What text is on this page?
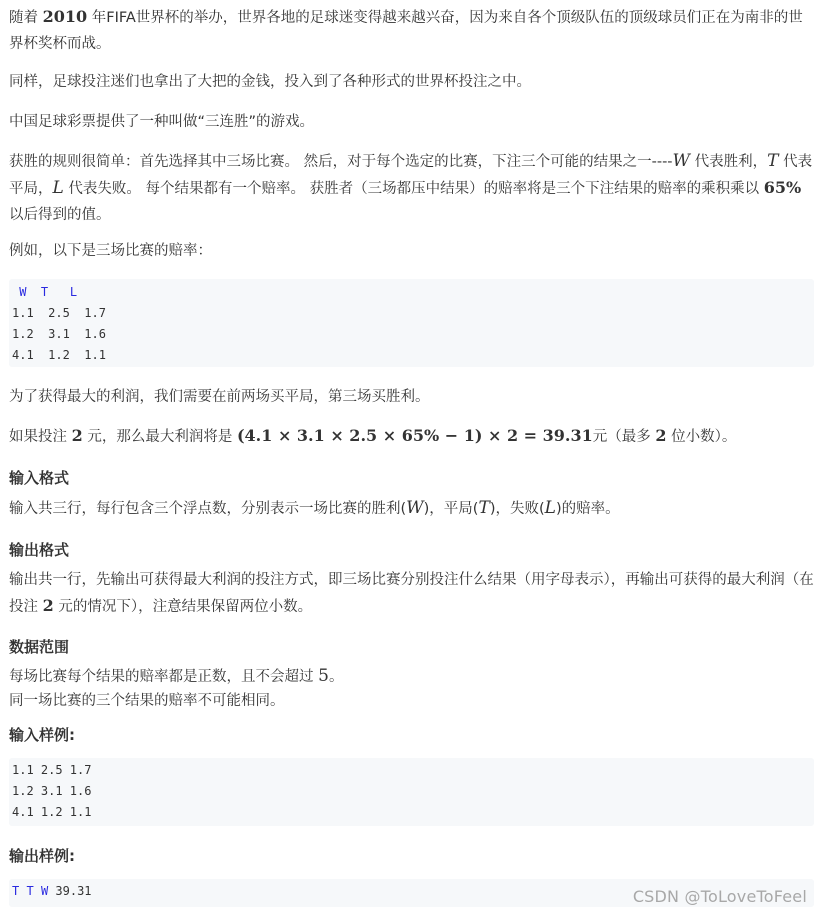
随着 2010 年FIFA世界杯的举办，世界各地的足球迷变得越来越兴奋，因为来自各个顶级队伍的顶级球员们正在为南非的世界杯奖杯而战。

同样，足球投注迷们也拿出了大把的金钱，投入到了各种形式的世界杯投注之中。

中国足球彩票提供了一种叫做“三连胜”的游戏。

获胜的规则很简单：首先选择其中三场比赛。 然后，对于每个选定的比赛，下注三个可能的结果之一----W 代表胜利，T 代表平局，L 代表失败。 每个结果都有一个赔率。 获胜者（三场都压中结果）的赔率将是三个下注结果的赔率的乘积乘以 65% 以后得到的值。

例如，以下是三场比赛的赔率：

W  T   L
1.1  2.5  1.7
1.2  3.1  1.6
4.1  1.2  1.1

为了获得最大的利润，我们需要在前两场买平局，第三场买胜利。

如果投注 2 元，那么最大利润将是 (4.1 × 3.1 × 2.5 × 65% − 1) × 2 = 39.31元（最多 2 位小数）。

输入格式

输入共三行，每行包含三个浮点数，分别表示一场比赛的胜利(W)，平局(T)，失败(L)的赔率。

输出格式

输出共一行，先输出可获得最大利润的投注方式，即三场比赛分别投注什么结果（用字母表示），再输出可获得的最大利润（在投注 2 元的情况下），注意结果保留两位小数。

数据范围

每场比赛每个结果的赔率都是正数，且不会超过 5。
同一场比赛的三个结果的赔率不可能相同。

输入样例:
1.1 2.5 1.7
1.2 3.1 1.6
4.1 1.2 1.1
输出样例:
T T W 39.31	CSDN @ToLoveToFeel
